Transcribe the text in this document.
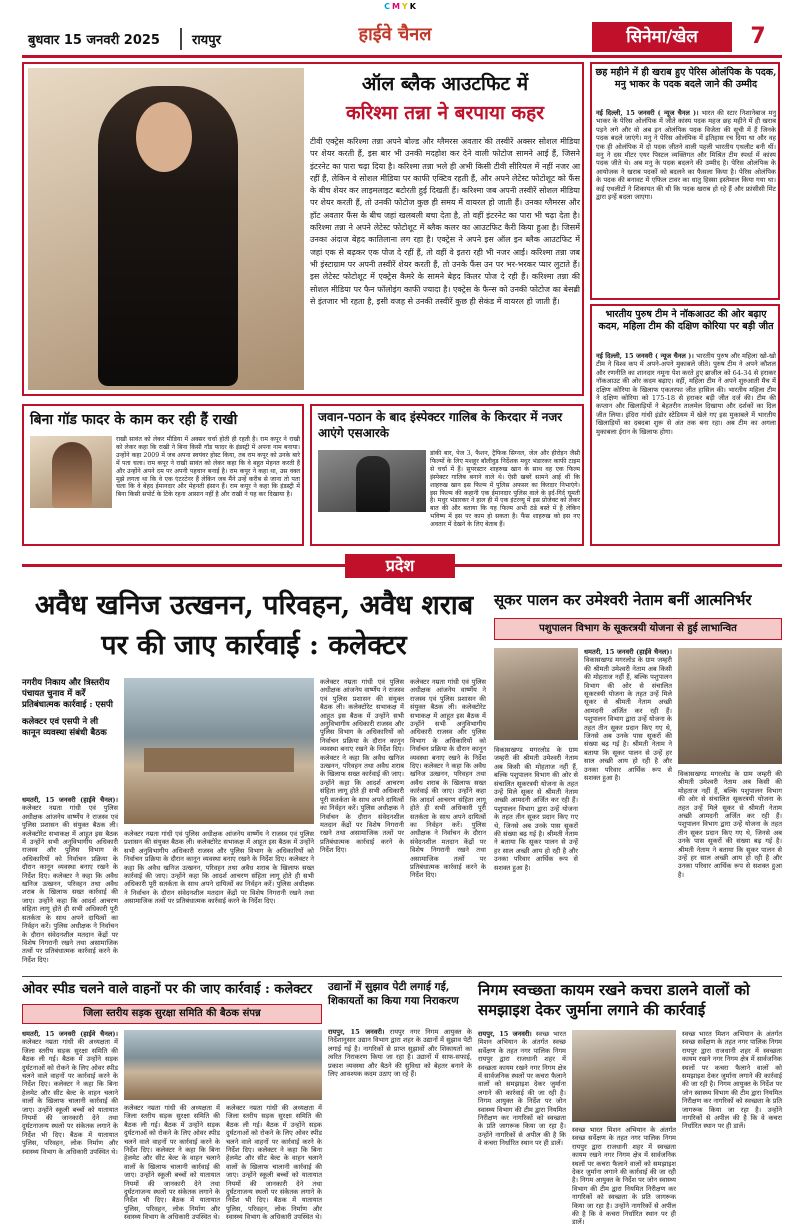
C M Y K
बुधवार 15 जनवरी 2025	रायपुर	हाईवे चैनल	सिनेमा/खेल	7
ऑल ब्लैक आउटफिट में
करिश्मा तन्ना ने बरपाया कहर
टीवी एक्ट्रेस करिश्मा तन्ना अपने बोल्ड और ग्लैमरस अवतार की तस्वीरें अक्सर सोशल मीडिया पर शेयर करती हैं, इस बार भी उनकी मदहोश कर देने वाली फोटोज सामने आई हैं, जिसने इंटरनेट का पारा चढ़ा दिया है। करिश्मा तन्ना भले ही अभी किसी टीवी सीरियल में नहीं नजर आ रहीं हैं, लेकिन वे सोशल मीडिया पर काफी एक्टिव रहती हैं, और अपने लेटेस्ट फोटोशूट को फैंस के बीच शेयर कर लाइमलाइट बटोरती हुई दिखती हैं। करिश्मा जब अपनी तस्वीरें सोशल मीडिया पर शेयर करती हैं, तो उनकी फोटोज कुछ ही समय में वायरल हो जाती हैं। उनका ग्लैमरस और हॉट अवतार फैंस के बीच जहां खलबली बचा देता है, तो वहीं इंटरनेट का पारा भी चढ़ा देता है। करिश्मा तन्ना ने अपने लेटेस्ट फोटोशूट में ब्लैक कलर का आउटफिट कैरी किया हुआ है। जिसमें उनका अंदाज बेहद कातिलाना लग रहा है। एक्ट्रेस ने अपने इस ऑल इन ब्लैक आउटफिट में जहां एक से बढ़कर एक पोज दे रहीं हैं, तो वहीं वे इतरा रही भी नजर आई। करिश्मा तन्ना जब भी इंस्टाग्राम पर अपनी तस्वीरें शेयर करती हैं, तो उनके फैंस उन पर भर-भरकर प्यार लुटाते हैं। इस लेटेस्ट फोटोशूट में एक्ट्रेस कैमरे के सामने बेहद किलर पोज दे रही हैं। करिश्मा तन्ना की सोशल मीडिया पर फैन फॉलोइंग काफी ज्यादा है। एक्ट्रेस के फैन्स को उनकी फोटोज का बेसब्री से इंतजार भी रहता है, इसी वजह से उनकी तस्वीरें कुछ ही सेकंड में वायरल हो जाती हैं।
छह महीने में ही खराब हुए पेरिस ओलंपिक के पदक, मनु भाकर के पदक बदले जाने की उम्मीद
नई दिल्ली, 15 जनवरी ( न्यूज चैनल )। भारत की स्टार निशानेबाज मनु भाकर के पेरिस ओलंपिक में जीते कांस्य पदक महज छह महीने में ही खराब पड़ने लगे और वो अब इन ओलंपिक पदक विजेता की सूची में हैं जिनके पदक बदले जाएंगे। मनु ने पेरिस ओलंपिक में इतिहास रच दिया था और वह एक ही ओलंपिक में दो पदक जीतने वाली पहली भारतीय एथलीट बनी थीं। मनु ने दस मीटर एयर पिस्टल व्यक्तिगत और मिश्रित टीम स्पर्धा में कांस्य पदक जीते थे। अब मनु के पदक बदलने की उम्मीद है। पेरिस ओलंपिक के आयोजक ने खराब पदकों को बदलने का फैसला किया है। पेरिस ओलंपिक के पदक की बनावट में एफिल टावर का धातु हिस्सा इस्तेमाल किया गया था। कई एथलीटों ने शिकायत की थी कि पदक खराब हो रहे हैं और फ्रांसीसी मिंट द्वारा इन्हें बदला जाएगा।
भारतीय पुरुष टीम ने नॉकआउट की ओर बढ़ाए कदम, महिला टीम की दक्षिण कोरिया पर बड़ी जीत
नई दिल्ली, 15 जनवरी ( न्यूज चैनल )। भारतीय पुरुष और महिला खो-खो टीम ने विश्व कप में अपने-अपने मुकाबले जीते। पुरुष टीम ने अपने कौशल और रणनीति का शानदार नमूना पेश करते हुए ब्राजील को 64-34 से हराकर नॉकआउट की ओर कदम बढ़ाए। वहीं, महिला टीम ने अपने शुरुआती मैच में दक्षिण कोरिया के खिलाफ एकतरफा जीत हासिल की। भारतीय महिला टीम ने दक्षिण कोरिया को 175-18 से हराकर बड़ी जीत दर्ज की। टीम की कप्तान और खिलाड़ियों ने बेहतरीन तालमेल दिखाया और दर्शकों का दिल जीत लिया। इंदिरा गांधी इंडोर स्टेडियम में खेले गए इस मुकाबले में भारतीय खिलाड़ियों का दबदबा शुरू से अंत तक बना रहा। अब टीम का अगला मुकाबला ईरान के खिलाफ होगा।
बिना गॉड फादर के काम कर रही हैं राखी
राखी सावंत को लेकर मीडिया में अक्सर चर्चा होती ही रहती है। राम कपूर ने राखी को लेकर कहा कि राखी ने बिना किसी गॉड फादर के इंडस्ट्री में अपना नाम बनाया। उन्होंने कहा 2009 में जब अपना स्वयंवर होस्ट किया, तब राम कपूर को उनके बारे में पता चला। राम कपूर ने राखी सावंत को लेकर कहा कि वे बहुत मेहनत करती हैं और उन्होंने अपने दम पर अपनी पहचान बनाई है। राम कपूर ने कहा था, उस वक्त मुझे लगता था कि वे एक एंटरटेनर हैं लेकिन जब मैंने उन्हें करीब से जाना तो पता चला कि वे बेहद ईमानदार और मेहनती इंसान हैं। राम कपूर ने कहा कि इंडस्ट्री में बिना किसी सपोर्ट के टिके रहना आसान नहीं है और राखी ने यह कर दिखाया है।
जवान-पठान के बाद इंस्पेक्टर गालिब के किरदार में नजर आएंगे एसआरके
डांकी बार, पेज 3, फैशन, ट्रैफिक सिग्नल, जेल और हीरोइन जैसी फिल्मों के लिए मशहूर बॉलीवुड निर्देशक मधुर भंडारकर काफी टाइम से चर्चा में हैं। सुपरस्टार शाहरुख खान के साथ वह एक फिल्म इंस्पेक्टर गालिब बनाने वाले थे। ऐसी खबरें सामने आई थीं कि शाहरुख खान इस फिल्म में पुलिस अफसर का किरदार निभाएंगे। इस फिल्म की कहानी एक ईमानदार पुलिस वाले के इर्द-गिर्द घूमती है। मधुर भंडारकर ने हाल ही में एक इंटरव्यू में इस प्रोजेक्ट को लेकर बात की और बताया कि यह फिल्म अभी ठंडे बस्ते में है लेकिन भविष्य में इस पर काम हो सकता है। फैंस शाहरुख को इस नए अवतार में देखने के लिए बेताब हैं।
प्रदेश
अवैध खनिज उत्खनन, परिवहन, अवैध शराब पर की जाए कार्रवाई : कलेक्टर
नगरीय निकाय और त्रिस्तरीय पंचायत चुनाव में कर्रें प्रतिबंधात्मक कार्रवाई : एसपी
कलेक्टर एवं एसपी ने ली कानून व्यवस्था संबंधी बैठक
धमतरी, 15 जनवरी (हाईवे चैनल)। कलेक्टर नम्रता गांधी एवं पुलिस अधीक्षक आंजनेय वार्ष्णेय ने राजस्व एवं पुलिस प्रशासन की संयुक्त बैठक ली। कलेक्टोरेट सभाकक्ष में आहूत इस बैठक में उन्होंने सभी अनुविभागीय अधिकारी राजस्व और पुलिस विभाग के अधिकारियों को निर्वाचन प्रक्रिया के दौरान कानून व्यवस्था बनाए रखने के निर्देश दिए। कलेक्टर ने कहा कि अवैध खनिज उत्खनन, परिवहन तथा अवैध शराब के खिलाफ सख्त कार्रवाई की जाए। उन्होंने कहा कि आदर्श आचरण संहिता लागू होते ही सभी अधिकारी पूरी सतर्कता के साथ अपने दायित्वों का निर्वहन करें। पुलिस अधीक्षक ने निर्वाचन के दौरान संवेदनशील मतदान केंद्रों पर विशेष निगरानी रखने तथा असामाजिक तत्वों पर प्रतिबंधात्मक कार्रवाई करने के निर्देश दिए।
कलेक्टर नम्रता गांधी एवं पुलिस अधीक्षक आंजनेय वार्ष्णेय ने राजस्व एवं पुलिस प्रशासन की संयुक्त बैठक ली। कलेक्टोरेट सभाकक्ष में आहूत इस बैठक में उन्होंने सभी अनुविभागीय अधिकारी राजस्व और पुलिस विभाग के अधिकारियों को निर्वाचन प्रक्रिया के दौरान कानून व्यवस्था बनाए रखने के निर्देश दिए। कलेक्टर ने कहा कि अवैध खनिज उत्खनन, परिवहन तथा अवैध शराब के खिलाफ सख्त कार्रवाई की जाए। उन्होंने कहा कि आदर्श आचरण संहिता लागू होते ही सभी अधिकारी पूरी सतर्कता के साथ अपने दायित्वों का निर्वहन करें। पुलिस अधीक्षक ने निर्वाचन के दौरान संवेदनशील मतदान केंद्रों पर विशेष निगरानी रखने तथा असामाजिक तत्वों पर प्रतिबंधात्मक कार्रवाई करने के निर्देश दिए।
कलेक्टर नम्रता गांधी एवं पुलिस अधीक्षक आंजनेय वार्ष्णेय ने राजस्व एवं पुलिस प्रशासन की संयुक्त बैठक ली। कलेक्टोरेट सभाकक्ष में आहूत इस बैठक में उन्होंने सभी अनुविभागीय अधिकारी राजस्व और पुलिस विभाग के अधिकारियों को निर्वाचन प्रक्रिया के दौरान कानून व्यवस्था बनाए रखने के निर्देश दिए। कलेक्टर ने कहा कि अवैध खनिज उत्खनन, परिवहन तथा अवैध शराब के खिलाफ सख्त कार्रवाई की जाए। उन्होंने कहा कि आदर्श आचरण संहिता लागू होते ही सभी अधिकारी पूरी सतर्कता के साथ अपने दायित्वों का निर्वहन करें। पुलिस अधीक्षक ने निर्वाचन के दौरान संवेदनशील मतदान केंद्रों पर विशेष निगरानी रखने तथा असामाजिक तत्वों पर प्रतिबंधात्मक कार्रवाई करने के निर्देश दिए।
कलेक्टर नम्रता गांधी एवं पुलिस अधीक्षक आंजनेय वार्ष्णेय ने राजस्व एवं पुलिस प्रशासन की संयुक्त बैठक ली। कलेक्टोरेट सभाकक्ष में आहूत इस बैठक में उन्होंने सभी अनुविभागीय अधिकारी राजस्व और पुलिस विभाग के अधिकारियों को निर्वाचन प्रक्रिया के दौरान कानून व्यवस्था बनाए रखने के निर्देश दिए। कलेक्टर ने कहा कि अवैध खनिज उत्खनन, परिवहन तथा अवैध शराब के खिलाफ सख्त कार्रवाई की जाए। उन्होंने कहा कि आदर्श आचरण संहिता लागू होते ही सभी अधिकारी पूरी सतर्कता के साथ अपने दायित्वों का निर्वहन करें। पुलिस अधीक्षक ने निर्वाचन के दौरान संवेदनशील मतदान केंद्रों पर विशेष निगरानी रखने तथा असामाजिक तत्वों पर प्रतिबंधात्मक कार्रवाई करने के निर्देश दिए।
सूकर पालन कर उमेश्वरी नेताम बनीं आत्मनिर्भर
पशुपालन विभाग के सूकरत्रयी योजना से हुई लाभान्वित
धमतरी, 15 जनवरी (हाईवे चैनल)। विकासखण्ड मगरलोड के ग्राम जम्हरी की श्रीमती उमेश्वरी नेताम अब किसी की मोहताज नहीं हैं, बल्कि पशुपालन विभाग की ओर से संचालित सूकरत्रयी योजना के तहत उन्हें मिले सूकर से श्रीमती नेताम अच्छी आमदनी अर्जित कर रही हैं। पशुपालन विभाग द्वारा उन्हें योजना के तहत तीन सूकर प्रदान किए गए थे, जिनसे अब उनके पास सूकरों की संख्या बढ़ गई है। श्रीमती नेताम ने बताया कि सूकर पालन से उन्हें हर साल अच्छी आय हो रही है और उनका परिवार आर्थिक रूप से सशक्त हुआ है।
विकासखण्ड मगरलोड के ग्राम जम्हरी की श्रीमती उमेश्वरी नेताम अब किसी की मोहताज नहीं हैं, बल्कि पशुपालन विभाग की ओर से संचालित सूकरत्रयी योजना के तहत उन्हें मिले सूकर से श्रीमती नेताम अच्छी आमदनी अर्जित कर रही हैं। पशुपालन विभाग द्वारा उन्हें योजना के तहत तीन सूकर प्रदान किए गए थे, जिनसे अब उनके पास सूकरों की संख्या बढ़ गई है। श्रीमती नेताम ने बताया कि सूकर पालन से उन्हें हर साल अच्छी आय हो रही है और उनका परिवार आर्थिक रूप से सशक्त हुआ है।
विकासखण्ड मगरलोड के ग्राम जम्हरी की श्रीमती उमेश्वरी नेताम अब किसी की मोहताज नहीं हैं, बल्कि पशुपालन विभाग की ओर से संचालित सूकरत्रयी योजना के तहत उन्हें मिले सूकर से श्रीमती नेताम अच्छी आमदनी अर्जित कर रही हैं। पशुपालन विभाग द्वारा उन्हें योजना के तहत तीन सूकर प्रदान किए गए थे, जिनसे अब उनके पास सूकरों की संख्या बढ़ गई है। श्रीमती नेताम ने बताया कि सूकर पालन से उन्हें हर साल अच्छी आय हो रही है और उनका परिवार आर्थिक रूप से सशक्त हुआ है।
ओवर स्पीड चलने वाले वाहनों पर की जाए कार्रवाई : कलेक्टर
जिला स्तरीय सड़क सुरक्षा समिति की बैठक संपन्न
धमतरी, 15 जनवरी (हाईवे चैनल)। कलेक्टर नम्रता गांधी की अध्यक्षता में जिला स्तरीय सड़क सुरक्षा समिति की बैठक ली गई। बैठक में उन्होंने सड़क दुर्घटनाओं को रोकने के लिए ओवर स्पीड चलने वाले वाहनों पर कार्रवाई करने के निर्देश दिए। कलेक्टर ने कहा कि बिना हेलमेट और सीट बेल्ट के वाहन चलाने वालों के खिलाफ चालानी कार्रवाई की जाए। उन्होंने स्कूली बच्चों को यातायात नियमों की जानकारी देने तथा दुर्घटनाजन्य स्थलों पर संकेतक लगाने के निर्देश भी दिए। बैठक में यातायात पुलिस, परिवहन, लोक निर्माण और स्वास्थ्य विभाग के अधिकारी उपस्थित थे।
कलेक्टर नम्रता गांधी की अध्यक्षता में जिला स्तरीय सड़क सुरक्षा समिति की बैठक ली गई। बैठक में उन्होंने सड़क दुर्घटनाओं को रोकने के लिए ओवर स्पीड चलने वाले वाहनों पर कार्रवाई करने के निर्देश दिए। कलेक्टर ने कहा कि बिना हेलमेट और सीट बेल्ट के वाहन चलाने वालों के खिलाफ चालानी कार्रवाई की जाए। उन्होंने स्कूली बच्चों को यातायात नियमों की जानकारी देने तथा दुर्घटनाजन्य स्थलों पर संकेतक लगाने के निर्देश भी दिए। बैठक में यातायात पुलिस, परिवहन, लोक निर्माण और स्वास्थ्य विभाग के अधिकारी उपस्थित थे।
कलेक्टर नम्रता गांधी की अध्यक्षता में जिला स्तरीय सड़क सुरक्षा समिति की बैठक ली गई। बैठक में उन्होंने सड़क दुर्घटनाओं को रोकने के लिए ओवर स्पीड चलने वाले वाहनों पर कार्रवाई करने के निर्देश दिए। कलेक्टर ने कहा कि बिना हेलमेट और सीट बेल्ट के वाहन चलाने वालों के खिलाफ चालानी कार्रवाई की जाए। उन्होंने स्कूली बच्चों को यातायात नियमों की जानकारी देने तथा दुर्घटनाजन्य स्थलों पर संकेतक लगाने के निर्देश भी दिए। बैठक में यातायात पुलिस, परिवहन, लोक निर्माण और स्वास्थ्य विभाग के अधिकारी उपस्थित थे।
उद्यानों में सुझाव पेटी लगाई गई, शिकायतों का किया गया निराकरण
रायपुर, 15 जनवरी। रायपुर नगर निगम आयुक्त के निर्देशानुसार उद्यान विभाग द्वारा शहर के उद्यानों में सुझाव पेटी लगाई गई है। नागरिकों से प्राप्त सुझावों और शिकायतों का त्वरित निराकरण किया जा रहा है। उद्यानों में साफ-सफाई, प्रकाश व्यवस्था और बैठने की सुविधा को बेहतर बनाने के लिए आवश्यक कदम उठाए जा रहे हैं।
निगम स्वच्छता कायम रखने कचरा डालने वालों को समझाइश देकर जुर्माना लगाने की कार्रवाई
रायपुर, 15 जनवरी। स्वच्छ भारत मिशन अभियान के अंतर्गत स्वच्छ सर्वेक्षण के तहत नगर पालिक निगम रायपुर द्वारा राजधानी शहर में स्वच्छता कायम रखने नगर निगम क्षेत्र में सार्वजनिक स्थलों पर कचरा फैलाने वालों को समझाइश देकर जुर्माना लगाने की कार्रवाई की जा रही है। निगम आयुक्त के निर्देश पर जोन स्वास्थ्य विभाग की टीम द्वारा नियमित निरीक्षण कर नागरिकों को स्वच्छता के प्रति जागरूक किया जा रहा है। उन्होंने नागरिकों से अपील की है कि वे कचरा निर्धारित स्थान पर ही डालें।
स्वच्छ भारत मिशन अभियान के अंतर्गत स्वच्छ सर्वेक्षण के तहत नगर पालिक निगम रायपुर द्वारा राजधानी शहर में स्वच्छता कायम रखने नगर निगम क्षेत्र में सार्वजनिक स्थलों पर कचरा फैलाने वालों को समझाइश देकर जुर्माना लगाने की कार्रवाई की जा रही है। निगम आयुक्त के निर्देश पर जोन स्वास्थ्य विभाग की टीम द्वारा नियमित निरीक्षण कर नागरिकों को स्वच्छता के प्रति जागरूक किया जा रहा है। उन्होंने नागरिकों से अपील की है कि वे कचरा निर्धारित स्थान पर ही डालें।
स्वच्छ भारत मिशन अभियान के अंतर्गत स्वच्छ सर्वेक्षण के तहत नगर पालिक निगम रायपुर द्वारा राजधानी शहर में स्वच्छता कायम रखने नगर निगम क्षेत्र में सार्वजनिक स्थलों पर कचरा फैलाने वालों को समझाइश देकर जुर्माना लगाने की कार्रवाई की जा रही है। निगम आयुक्त के निर्देश पर जोन स्वास्थ्य विभाग की टीम द्वारा नियमित निरीक्षण कर नागरिकों को स्वच्छता के प्रति जागरूक किया जा रहा है। उन्होंने नागरिकों से अपील की है कि वे कचरा निर्धारित स्थान पर ही डालें।
